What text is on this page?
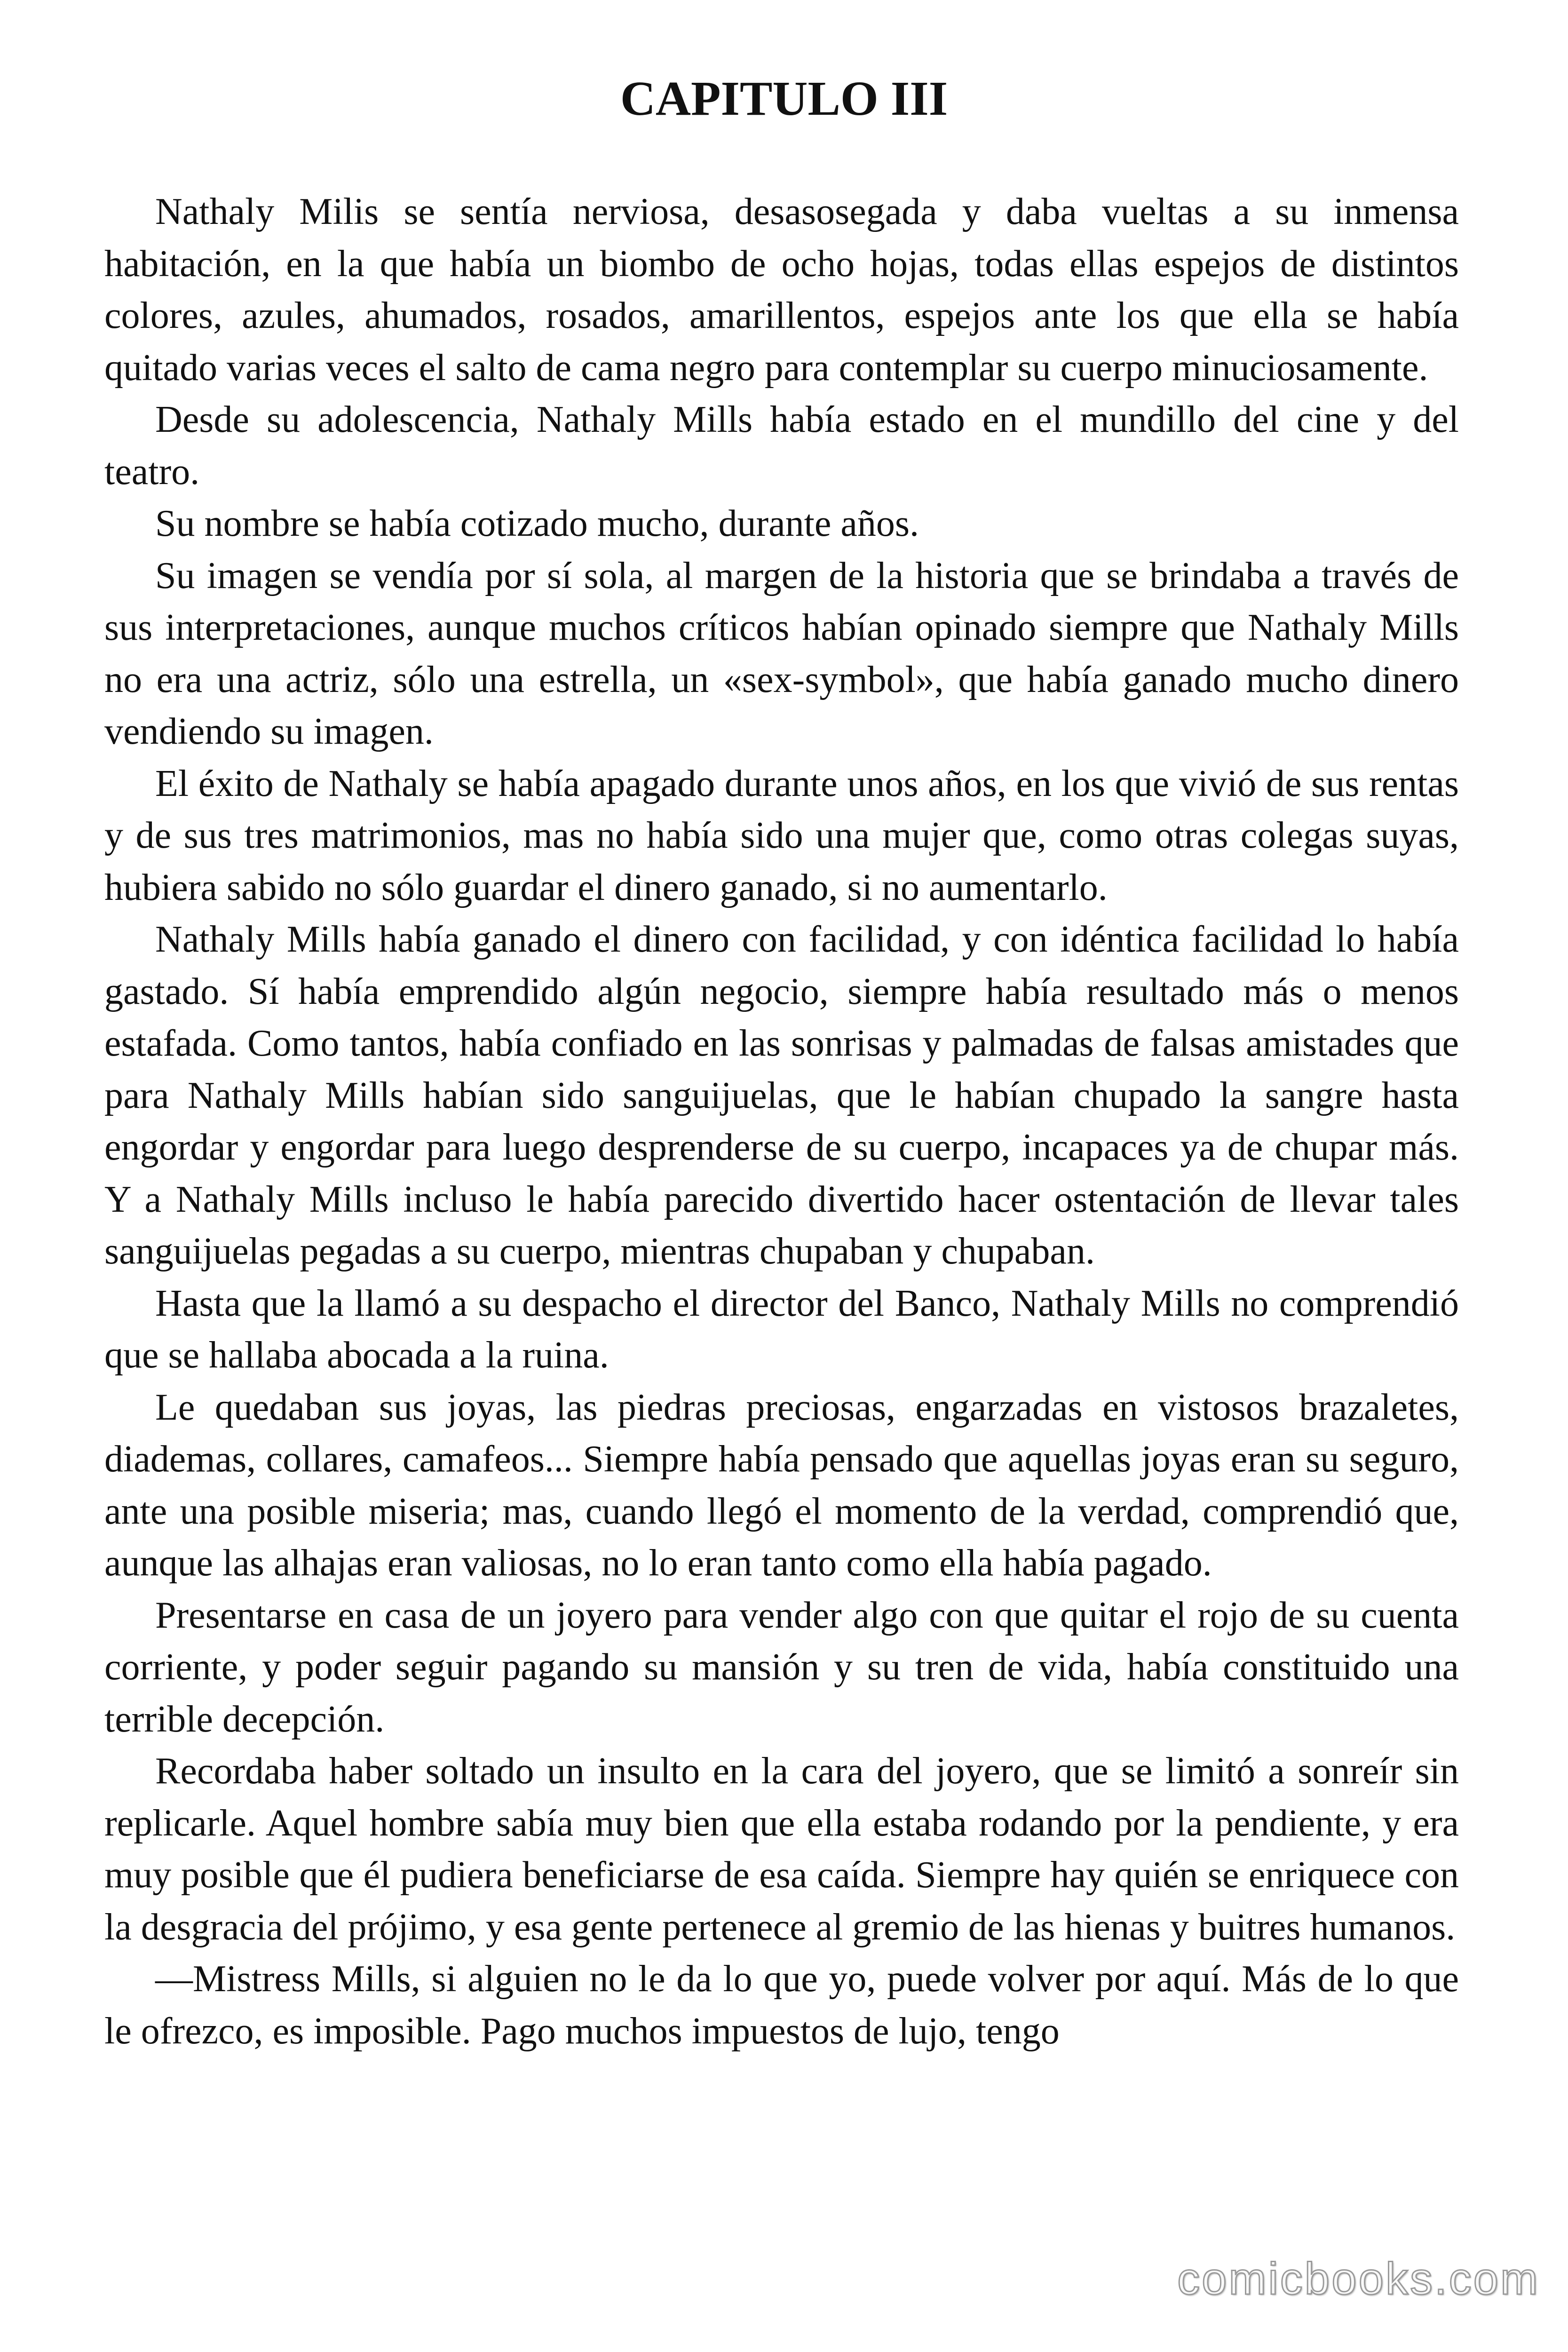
CAPITULO III

Nathaly Milis se sentía nerviosa, desasosegada y daba vueltas a su inmensa habitación, en la que había un biombo de ocho hojas, todas ellas espejos de distintos colores, azules, ahumados, rosados, amarillentos, espejos ante los que ella se había quitado varias veces el salto de cama negro para contemplar su cuerpo minuciosamente.

Desde su adolescencia, Nathaly Mills había estado en el mundillo del cine y del teatro.

Su nombre se había cotizado mucho, durante años.

Su imagen se vendía por sí sola, al margen de la historia que se brindaba a través de sus interpretaciones, aunque muchos críticos habían opinado siempre que Nathaly Mills no era una actriz, sólo una estrella, un «sex-symbol», que había ganado mucho dinero vendiendo su imagen.

El éxito de Nathaly se había apagado durante unos años, en los que vivió de sus rentas y de sus tres matrimonios, mas no había sido una mujer que, como otras colegas suyas, hubiera sabido no sólo guardar el dinero ganado, si no aumentarlo.

Nathaly Mills había ganado el dinero con facilidad, y con idéntica facilidad lo había gastado. Sí había emprendido algún negocio, siempre había resultado más o menos estafada. Como tantos, había confiado en las sonrisas y palmadas de falsas amistades que para Nathaly Mills habían sido sanguijuelas, que le habían chupado la sangre hasta engordar y engordar para luego desprenderse de su cuerpo, incapaces ya de chupar más. Y a Nathaly Mills incluso le había parecido divertido hacer ostentación de llevar tales sanguijuelas pegadas a su cuerpo, mientras chupaban y chupaban.

Hasta que la llamó a su despacho el director del Banco, Nathaly Mills no comprendió que se hallaba abocada a la ruina.

Le quedaban sus joyas, las piedras preciosas, engarzadas en vistosos brazaletes, diademas, collares, camafeos... Siempre había pensado que aquellas joyas eran su seguro, ante una posible miseria; mas, cuando llegó el momento de la verdad, comprendió que, aunque las alhajas eran valiosas, no lo eran tanto como ella había pagado.

Presentarse en casa de un joyero para vender algo con que quitar el rojo de su cuenta corriente, y poder seguir pagando su mansión y su tren de vida, había constituido una terrible decepción.

Recordaba haber soltado un insulto en la cara del joyero, que se limitó a sonreír sin replicarle. Aquel hombre sabía muy bien que ella estaba rodando por la pendiente, y era muy posible que él pudiera beneficiarse de esa caída. Siempre hay quién se enriquece con la desgracia del prójimo, y esa gente pertenece al gremio de las hienas y buitres humanos.

—Mistress Mills, si alguien no le da lo que yo, puede volver por aquí. Más de lo que le ofrezco, es imposible. Pago muchos impuestos de lujo, tengo

comicbooks.com
